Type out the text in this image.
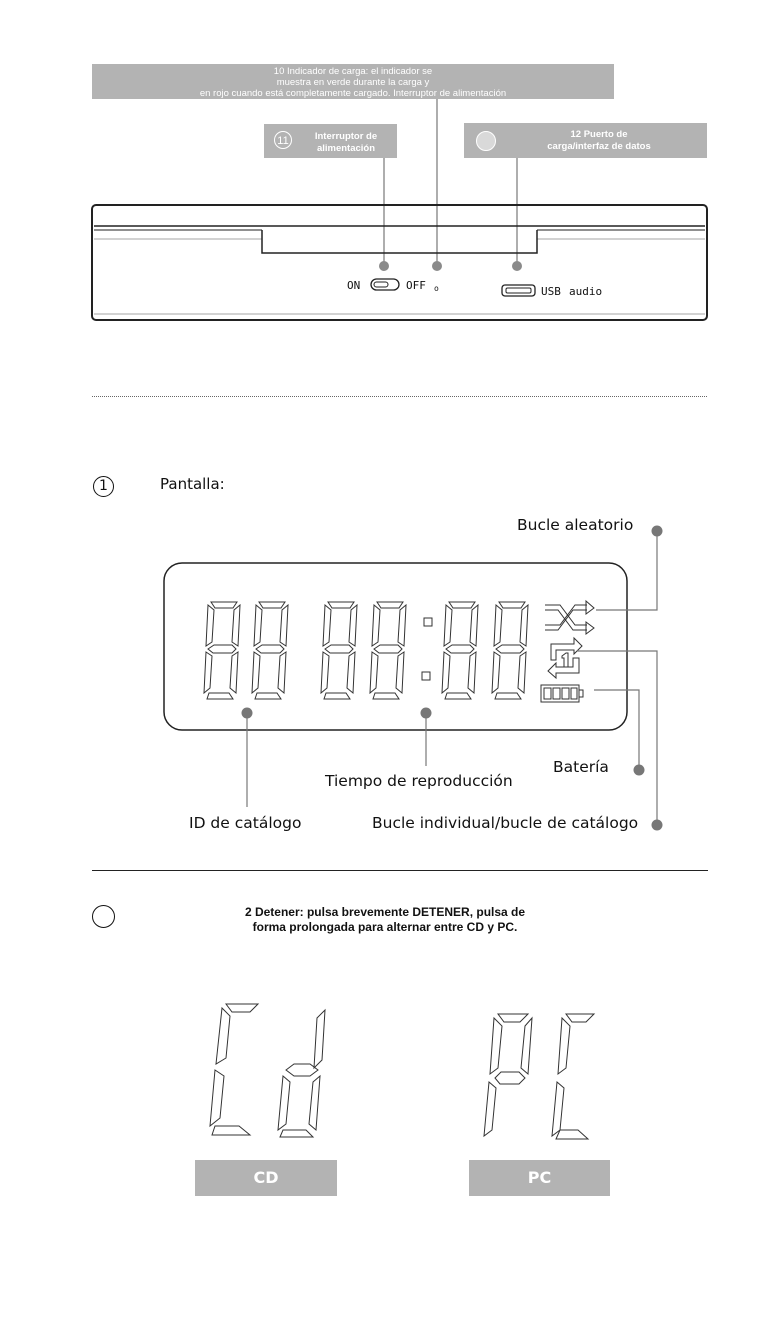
10 Indicador de carga: el indicador se
muestra en verde durante la carga y
en rojo cuando está completamente cargado. Interruptor de alimentación
11	Interruptor de
alimentación
12 Puerto de
carga/interfaz de datos
ON	OFF o	USB audio
1	Pantalla:
Bucle aleatorio
Batería
Tiempo de reproducción
ID de catálogo	Bucle individual/bucle de catálogo
2 Detener: pulsa brevemente DETENER, pulsa de
forma prolongada para alternar entre CD y PC.
CD	PC
